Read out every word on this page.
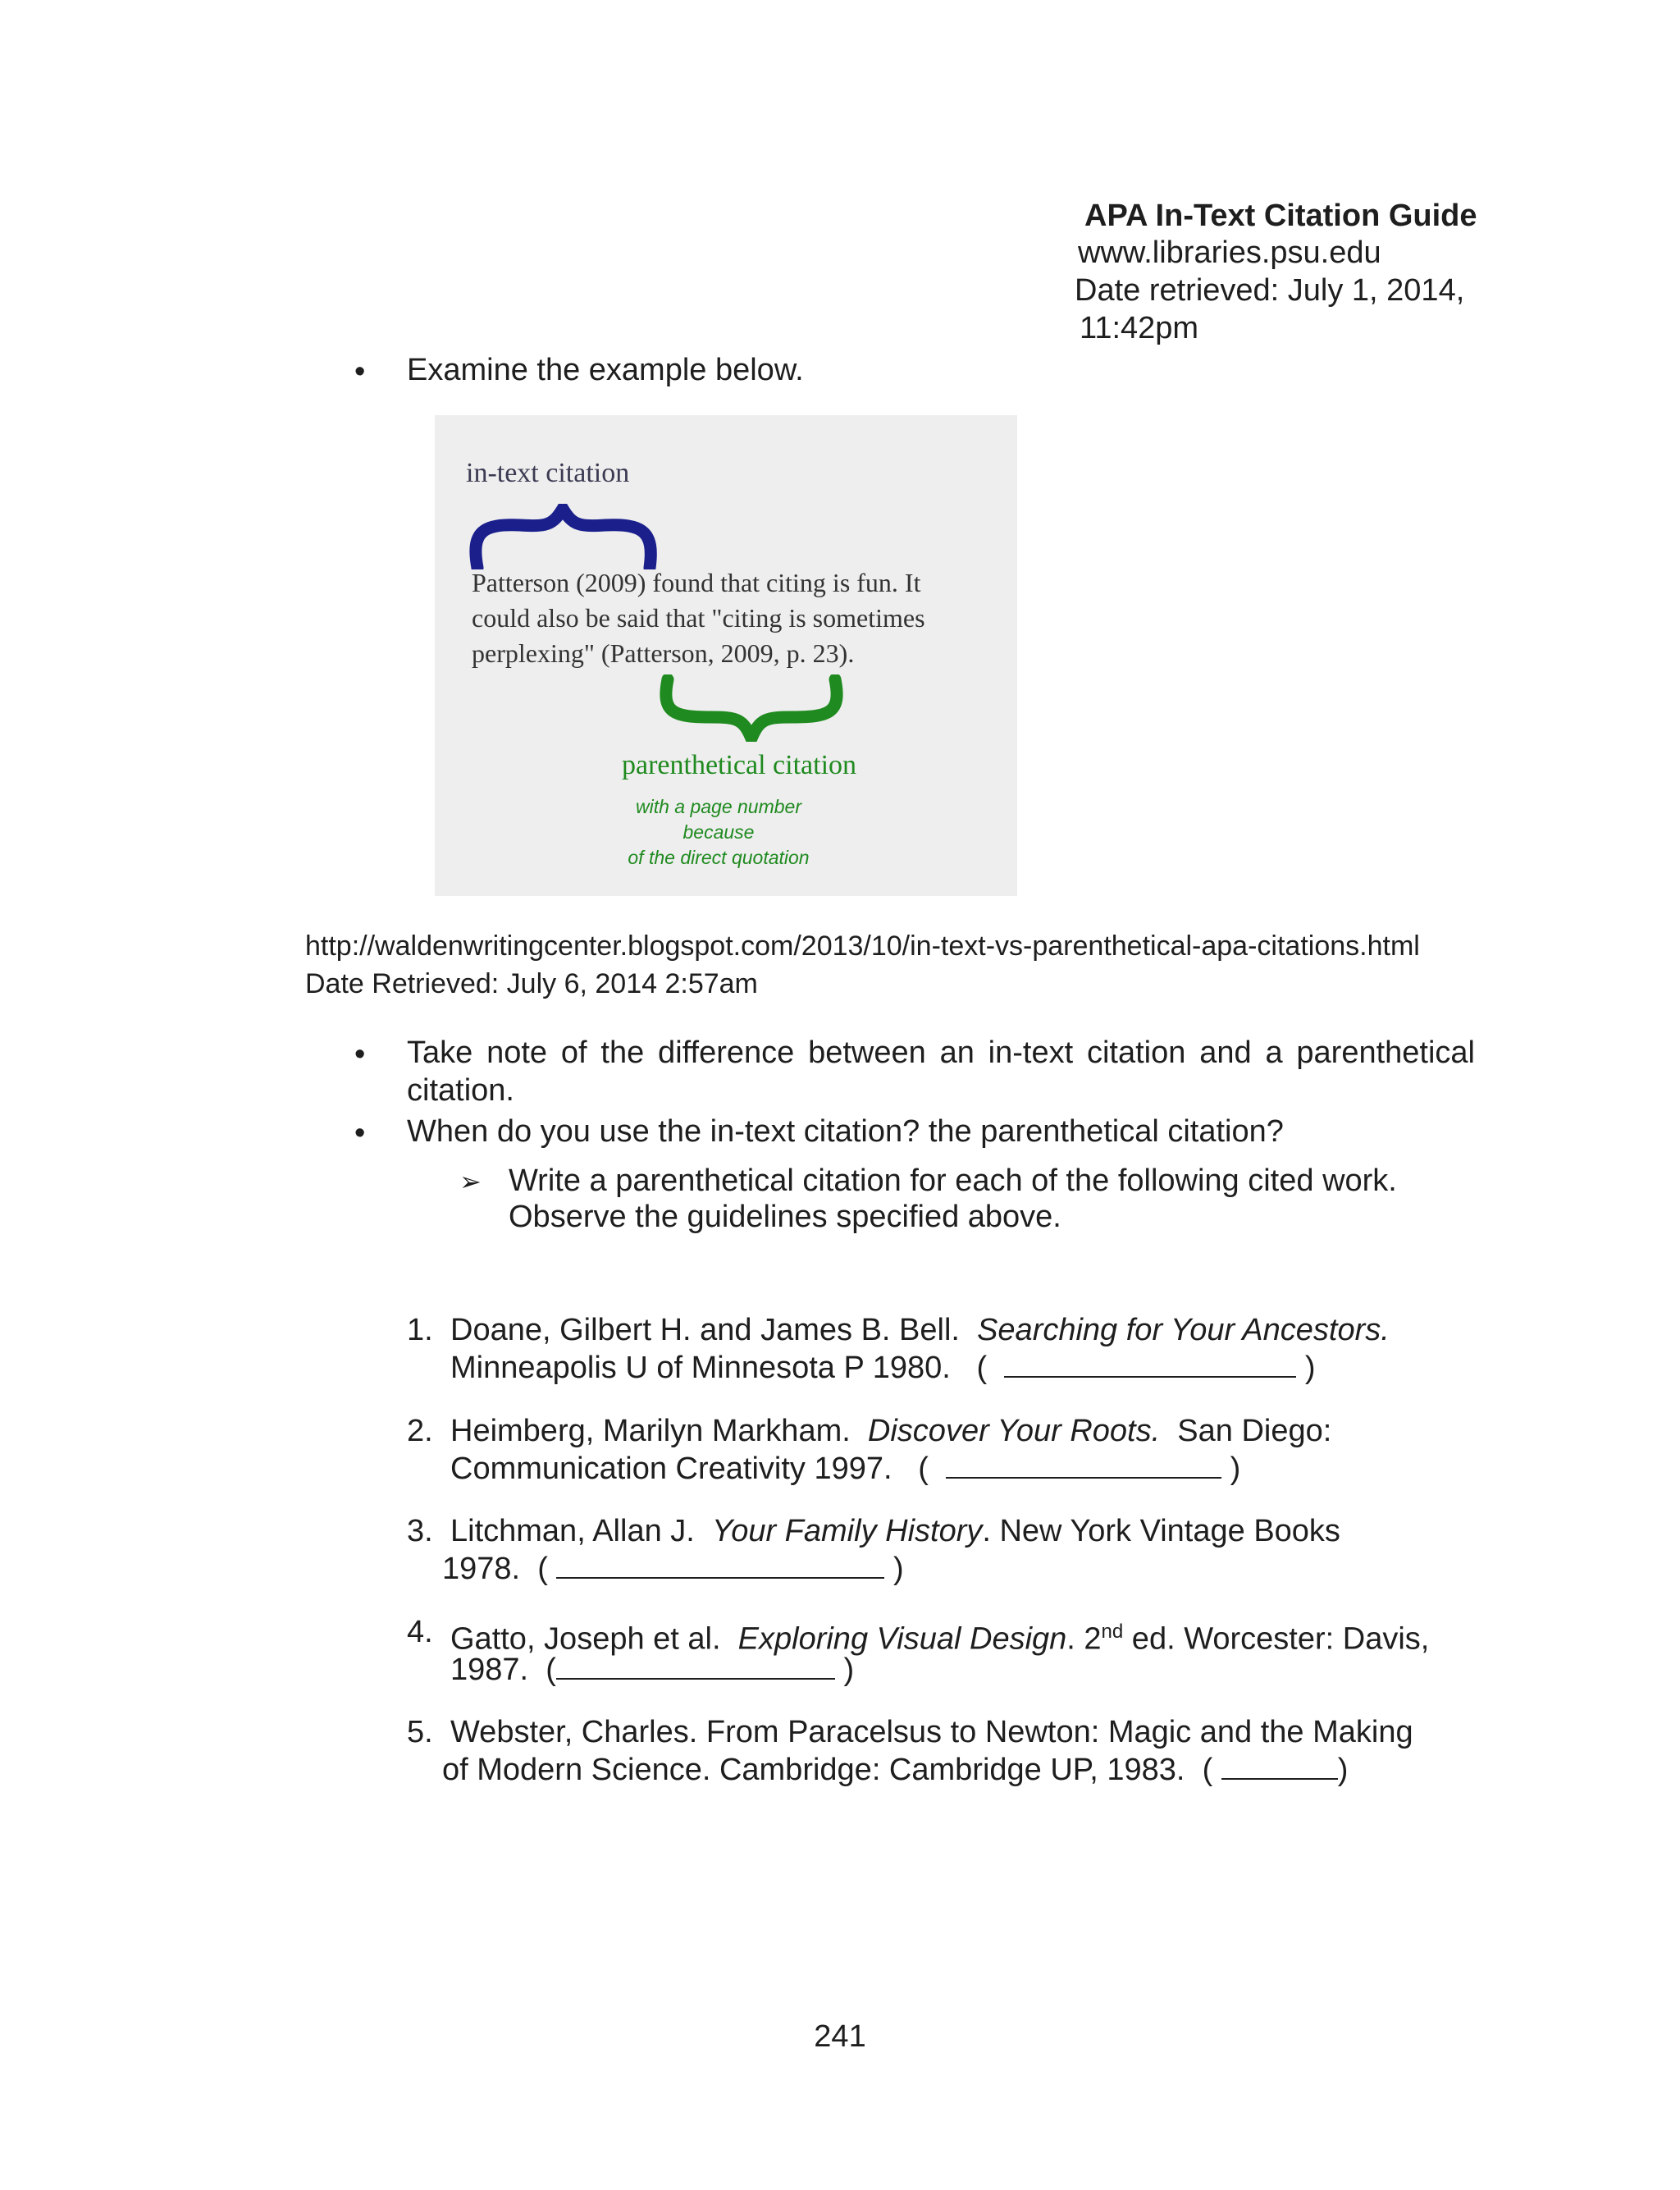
APA In-Text Citation Guide
www.libraries.psu.edu
Date retrieved: July 1, 2014,
11:42pm
• Examine the example below.
in-text citation
Patterson (2009) found that citing is fun. It
could also be said that "citing is sometimes
perplexing" (Patterson, 2009, p. 23).
parenthetical citation
with a page number because
of the direct quotation
http://waldenwritingcenter.blogspot.com/2013/10/in-text-vs-parenthetical-apa-citations.html
Date Retrieved: July 6, 2014 2:57am
• Take note of the difference between an in-text citation and a parenthetical
citation.
• When do you use the in-text citation? the parenthetical citation?
➢ Write a parenthetical citation for each of the following cited work.
Observe the guidelines specified above.
1. Doane, Gilbert H. and James B. Bell. Searching for Your Ancestors.
Minneapolis U of Minnesota P 1980. (	)
2. Heimberg, Marilyn Markham. Discover Your Roots. San Diego:
Communication Creativity 1997. (	)
3. Litchman, Allan J. Your Family History. New York Vintage Books
1978. (	)
4. Gatto, Joseph et al. Exploring Visual Design. 2nd ed. Worcester: Davis,
1987. (	)
5. Webster, Charles. From Paracelsus to Newton: Magic and the Making
of Modern Science. Cambridge: Cambridge UP, 1983. (	)
241
